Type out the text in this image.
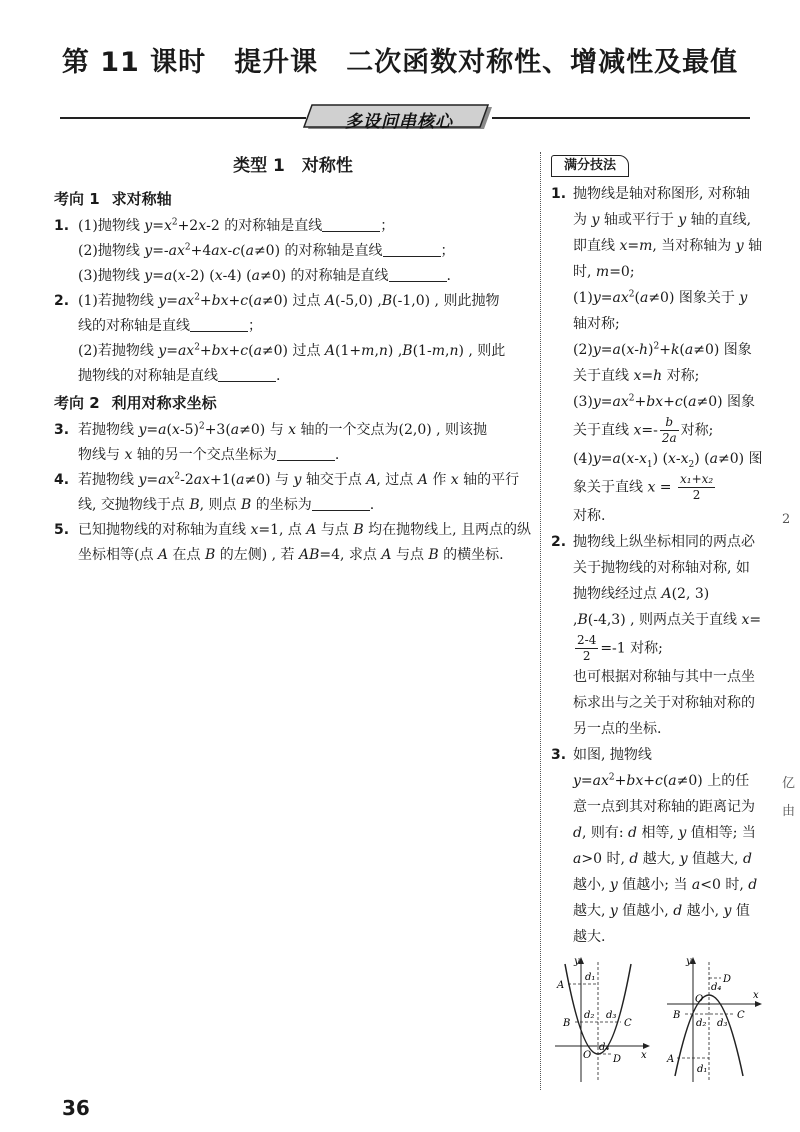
第 11 课时 提升课 二次函数对称性、增减性及最值
多设问串核心
类型 1　对称性
考向 1 求对称轴
1. (1)抛物线 $y=x^2+2x-2$ 的对称轴是直线	；
(2)抛物线 $y=-ax^2+4ax-c(a\ne 0)$ 的对称轴是直线	；
(3)抛物线 y=a(x-2) (x-4) (a≠0) 的对称轴是直线	.
2. (1)若抛物线 $y=ax^2+bx+c(a\ne 0)$ 过点 A(-5,0) ,B(-1,0) , 则此抛物
线的对称轴是直线	；
(2)若抛物线 $y=ax^2+bx+c(a\ne 0)$ 过点 A(1+m,n) ,B(1-m,n) , 则此
抛物线的对称轴是直线	.
考向 2 利用对称求坐标
3. 若抛物线 $y=a(x-5)^2+3(a\ne 0)$ 与 x 轴的一个交点为(2,0) , 则该抛
物线与 x 轴的另一个交点坐标为	.
4. 若抛物线 $y=ax^2-2ax+1(a\ne 0)$ 与 y 轴交于点 A, 过点 A 作 x 轴的平行
线, 交抛物线于点 B, 则点 B 的坐标为	.
5. 已知抛物线的对称轴为直线 x=1, 点 A 与点 B 均在抛物线上, 且两点的纵
坐标相等(点 A 在点 B 的左侧) , 若 AB=4, 求点 A 与点 B 的横坐标.
满分技法
1. 抛物线是轴对称图形, 对称轴为 y 轴或平行于 y 轴的直线, 即直线 x=m, 当对称轴为 y 轴时, m=0;

$(1)y=ax^2(a\ne 0)$ 图象关于 y 轴对称;

$(2)y=a(x-h)^2+k(a\ne 0)$ 图象关于直线 x=h 对称;

$(3)y=ax^2+bx+c(a\ne 0)$ 图象关于直线 $x=- \frac{b}{2a}$ 对称;

$(4)y=a(x-x_1)$ $(x-x_2)$ (a≠0) 图象关于直线 $x = \frac{\text{x₁+x₂}}{2}$

对称.

2. 抛物线上纵坐标相同的两点必关于抛物线的对称轴对称, 如抛物线经过点 A(2, 3) ,B(-4,3) , 则两点关于直线 x=
$\frac{2-4}{2} =-1$ 对称;

也可根据对称轴与其中一点坐标求出与之关于对称轴对称的另一点的坐标.

3. 如图, 抛物线 $y=ax^2+bx+c(a\ne 0)$ 上的任意一点到其对称轴的距离记为 d, 则有: d 相等, y 值相等; 当 a>0 时, d 越大, y 值越大, d 越小, y 值越小; 当 a<0 时, d 越大, y 值越小, d 越小, y 值越大.

y
x
O
A
B	C
D
d₁
d₂ d₃
d₄
y
x
O
A
B	C
D
d₁
d₂ d₃
d₄
36
2
亿
由
